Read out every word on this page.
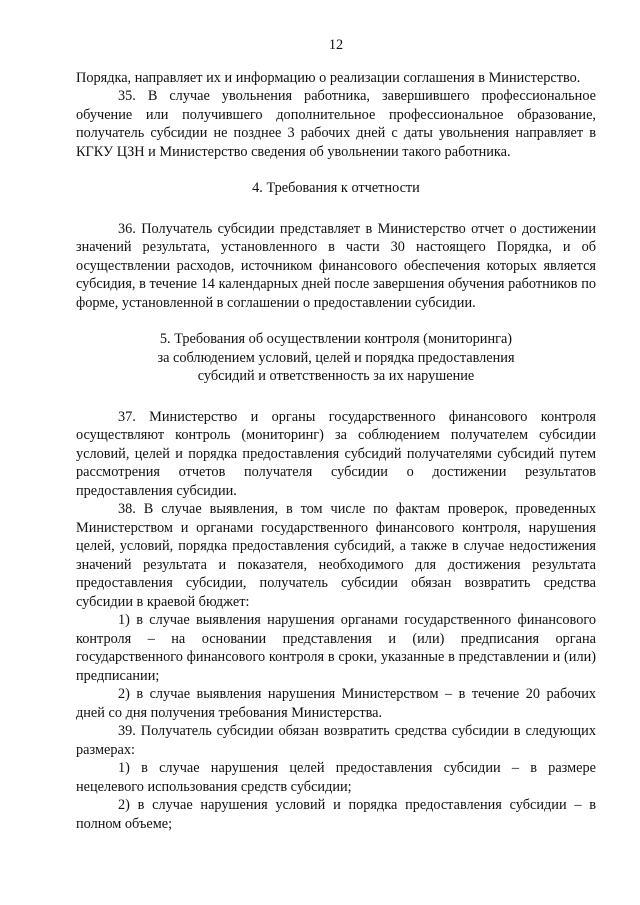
12

Порядка, направляет их и информацию о реализации соглашения в Министерство.

35. В случае увольнения работника, завершившего профессиональное обучение или получившего дополнительное профессиональное образование, получатель субсидии не позднее 3 рабочих дней с даты увольнения направляет в КГКУ ЦЗН и Министерство сведения об увольнении такого работника.

4. Требования к отчетности

36. Получатель субсидии представляет в Министерство отчет о достижении значений результата, установленного в части 30 настоящего Порядка, и об осуществлении расходов, источником финансового обеспечения которых является субсидия, в течение 14 календарных дней после завершения обучения работников по форме, установленной в соглашении о предоставлении субсидии.

5. Требования об осуществлении контроля (мониторинга)
за соблюдением условий, целей и порядка предоставления
субсидий и ответственность за их нарушение

37. Министерство и органы государственного финансового контроля осуществляют контроль (мониторинг) за соблюдением получателем субсидии условий, целей и порядка предоставления субсидий получателями субсидий путем рассмотрения отчетов получателя субсидии о достижении результатов предоставления субсидии.

38. В случае выявления, в том числе по фактам проверок, проведенных Министерством и органами государственного финансового контроля, нарушения целей, условий, порядка предоставления субсидий, а также в случае недостижения значений результата и показателя, необходимого для достижения результата предоставления субсидии, получатель субсидии обязан возвратить средства субсидии в краевой бюджет:

1) в случае выявления нарушения органами государственного финансового контроля – на основании представления и (или) предписания органа государственного финансового контроля в сроки, указанные в представлении и (или) предписании;

2) в случае выявления нарушения Министерством – в течение 20 рабочих дней со дня получения требования Министерства.

39. Получатель субсидии обязан возвратить средства субсидии в следующих размерах:

1) в случае нарушения целей предоставления субсидии – в размере нецелевого использования средств субсидии;

2) в случае нарушения условий и порядка предоставления субсидии – в полном объеме;
